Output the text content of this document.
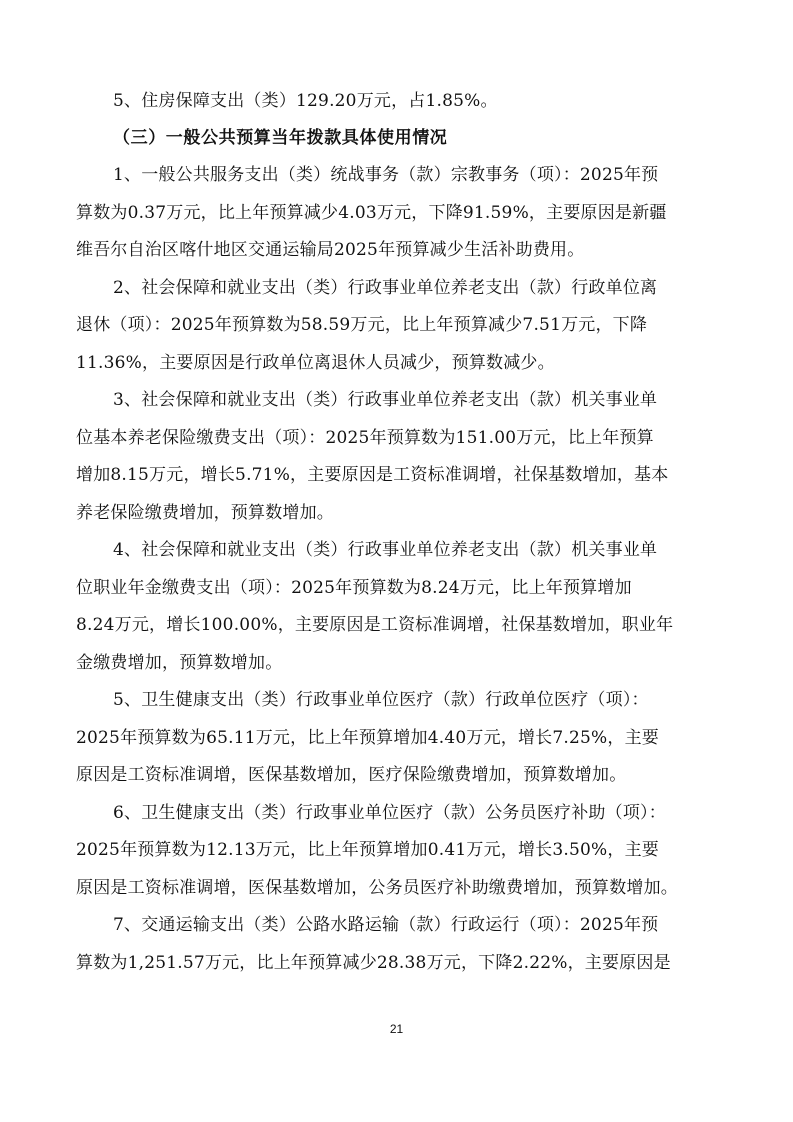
5、住房保障支出（类）129.20万元，占1.85%。
（三）一般公共预算当年拨款具体使用情况
1、一般公共服务支出（类）统战事务（款）宗教事务（项）：2025年预
算数为0.37万元，比上年预算减少4.03万元，下降91.59%，主要原因是新疆
维吾尔自治区喀什地区交通运输局2025年预算减少生活补助费用。
2、社会保障和就业支出（类）行政事业单位养老支出（款）行政单位离
退休（项）：2025年预算数为58.59万元，比上年预算减少7.51万元，下降
11.36%，主要原因是行政单位离退休人员减少，预算数减少。
3、社会保障和就业支出（类）行政事业单位养老支出（款）机关事业单
位基本养老保险缴费支出（项）：2025年预算数为151.00万元，比上年预算
增加8.15万元，增长5.71%，主要原因是工资标准调增，社保基数增加，基本
养老保险缴费增加，预算数增加。
4、社会保障和就业支出（类）行政事业单位养老支出（款）机关事业单
位职业年金缴费支出（项）：2025年预算数为8.24万元，比上年预算增加
8.24万元，增长100.00%，主要原因是工资标准调增，社保基数增加，职业年
金缴费增加，预算数增加。
5、卫生健康支出（类）行政事业单位医疗（款）行政单位医疗（项）：
2025年预算数为65.11万元，比上年预算增加4.40万元，增长7.25%，主要
原因是工资标准调增，医保基数增加，医疗保险缴费增加，预算数增加。
6、卫生健康支出（类）行政事业单位医疗（款）公务员医疗补助（项）：
2025年预算数为12.13万元，比上年预算增加0.41万元，增长3.50%，主要
原因是工资标准调增，医保基数增加，公务员医疗补助缴费增加，预算数增加。
7、交通运输支出（类）公路水路运输（款）行政运行（项）：2025年预
算数为1,251.57万元，比上年预算减少28.38万元，下降2.22%，主要原因是
21
